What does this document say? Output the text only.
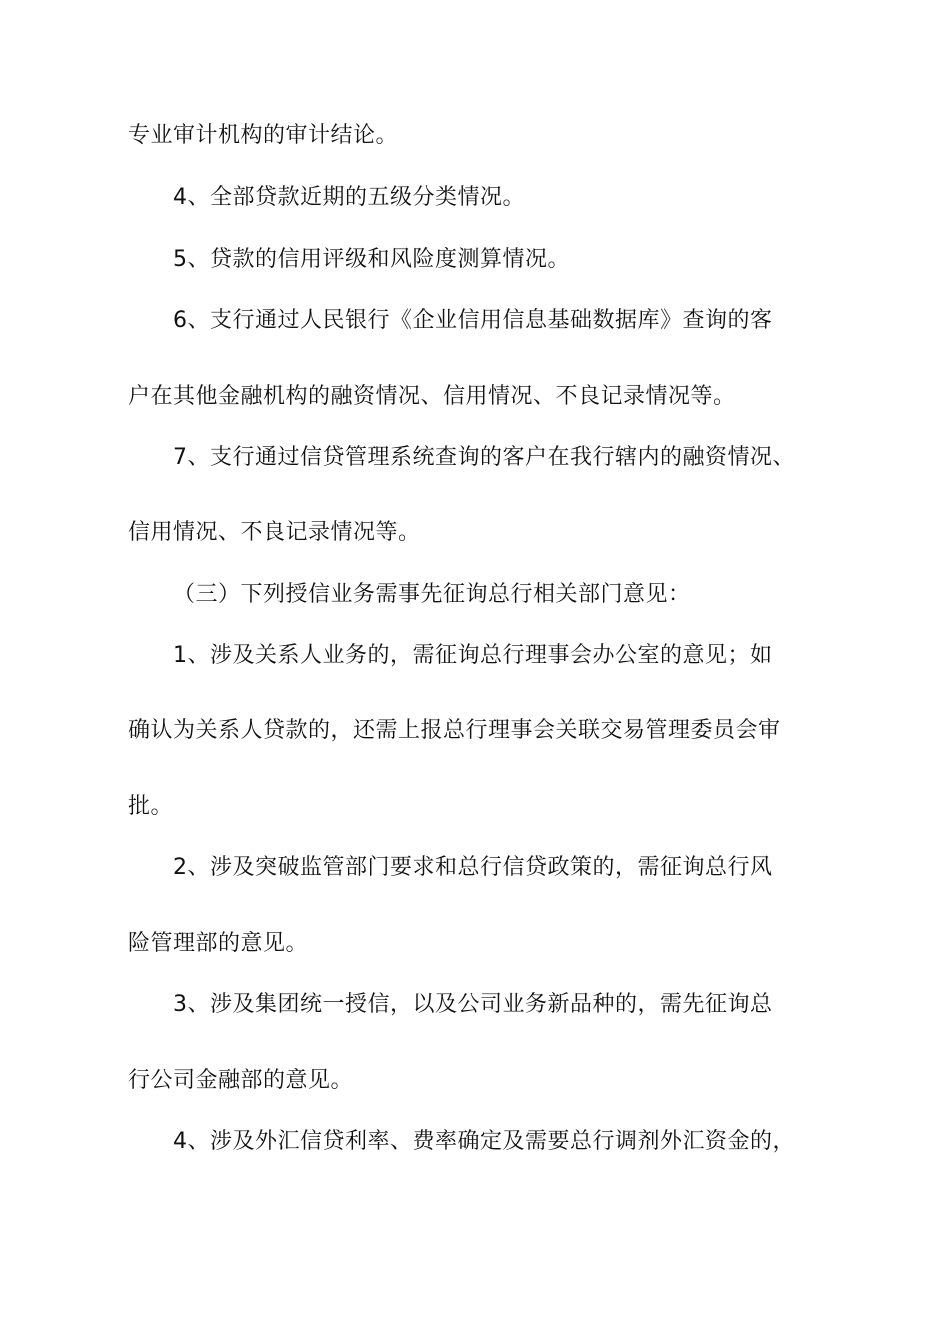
专业审计机构的审计结论。
4、全部贷款近期的五级分类情况。
5、贷款的信用评级和风险度测算情况。
6、支行通过人民银行《企业信用信息基础数据库》查询的客
户在其他金融机构的融资情况、信用情况、不良记录情况等。
7、支行通过信贷管理系统查询的客户在我行辖内的融资情况、
信用情况、不良记录情况等。
（三）下列授信业务需事先征询总行相关部门意见：
1、涉及关系人业务的，需征询总行理事会办公室的意见；如
确认为关系人贷款的，还需上报总行理事会关联交易管理委员会审
批。
2、涉及突破监管部门要求和总行信贷政策的，需征询总行风
险管理部的意见。
3、涉及集团统一授信，以及公司业务新品种的，需先征询总
行公司金融部的意见。
4、涉及外汇信贷利率、费率确定及需要总行调剂外汇资金的，
